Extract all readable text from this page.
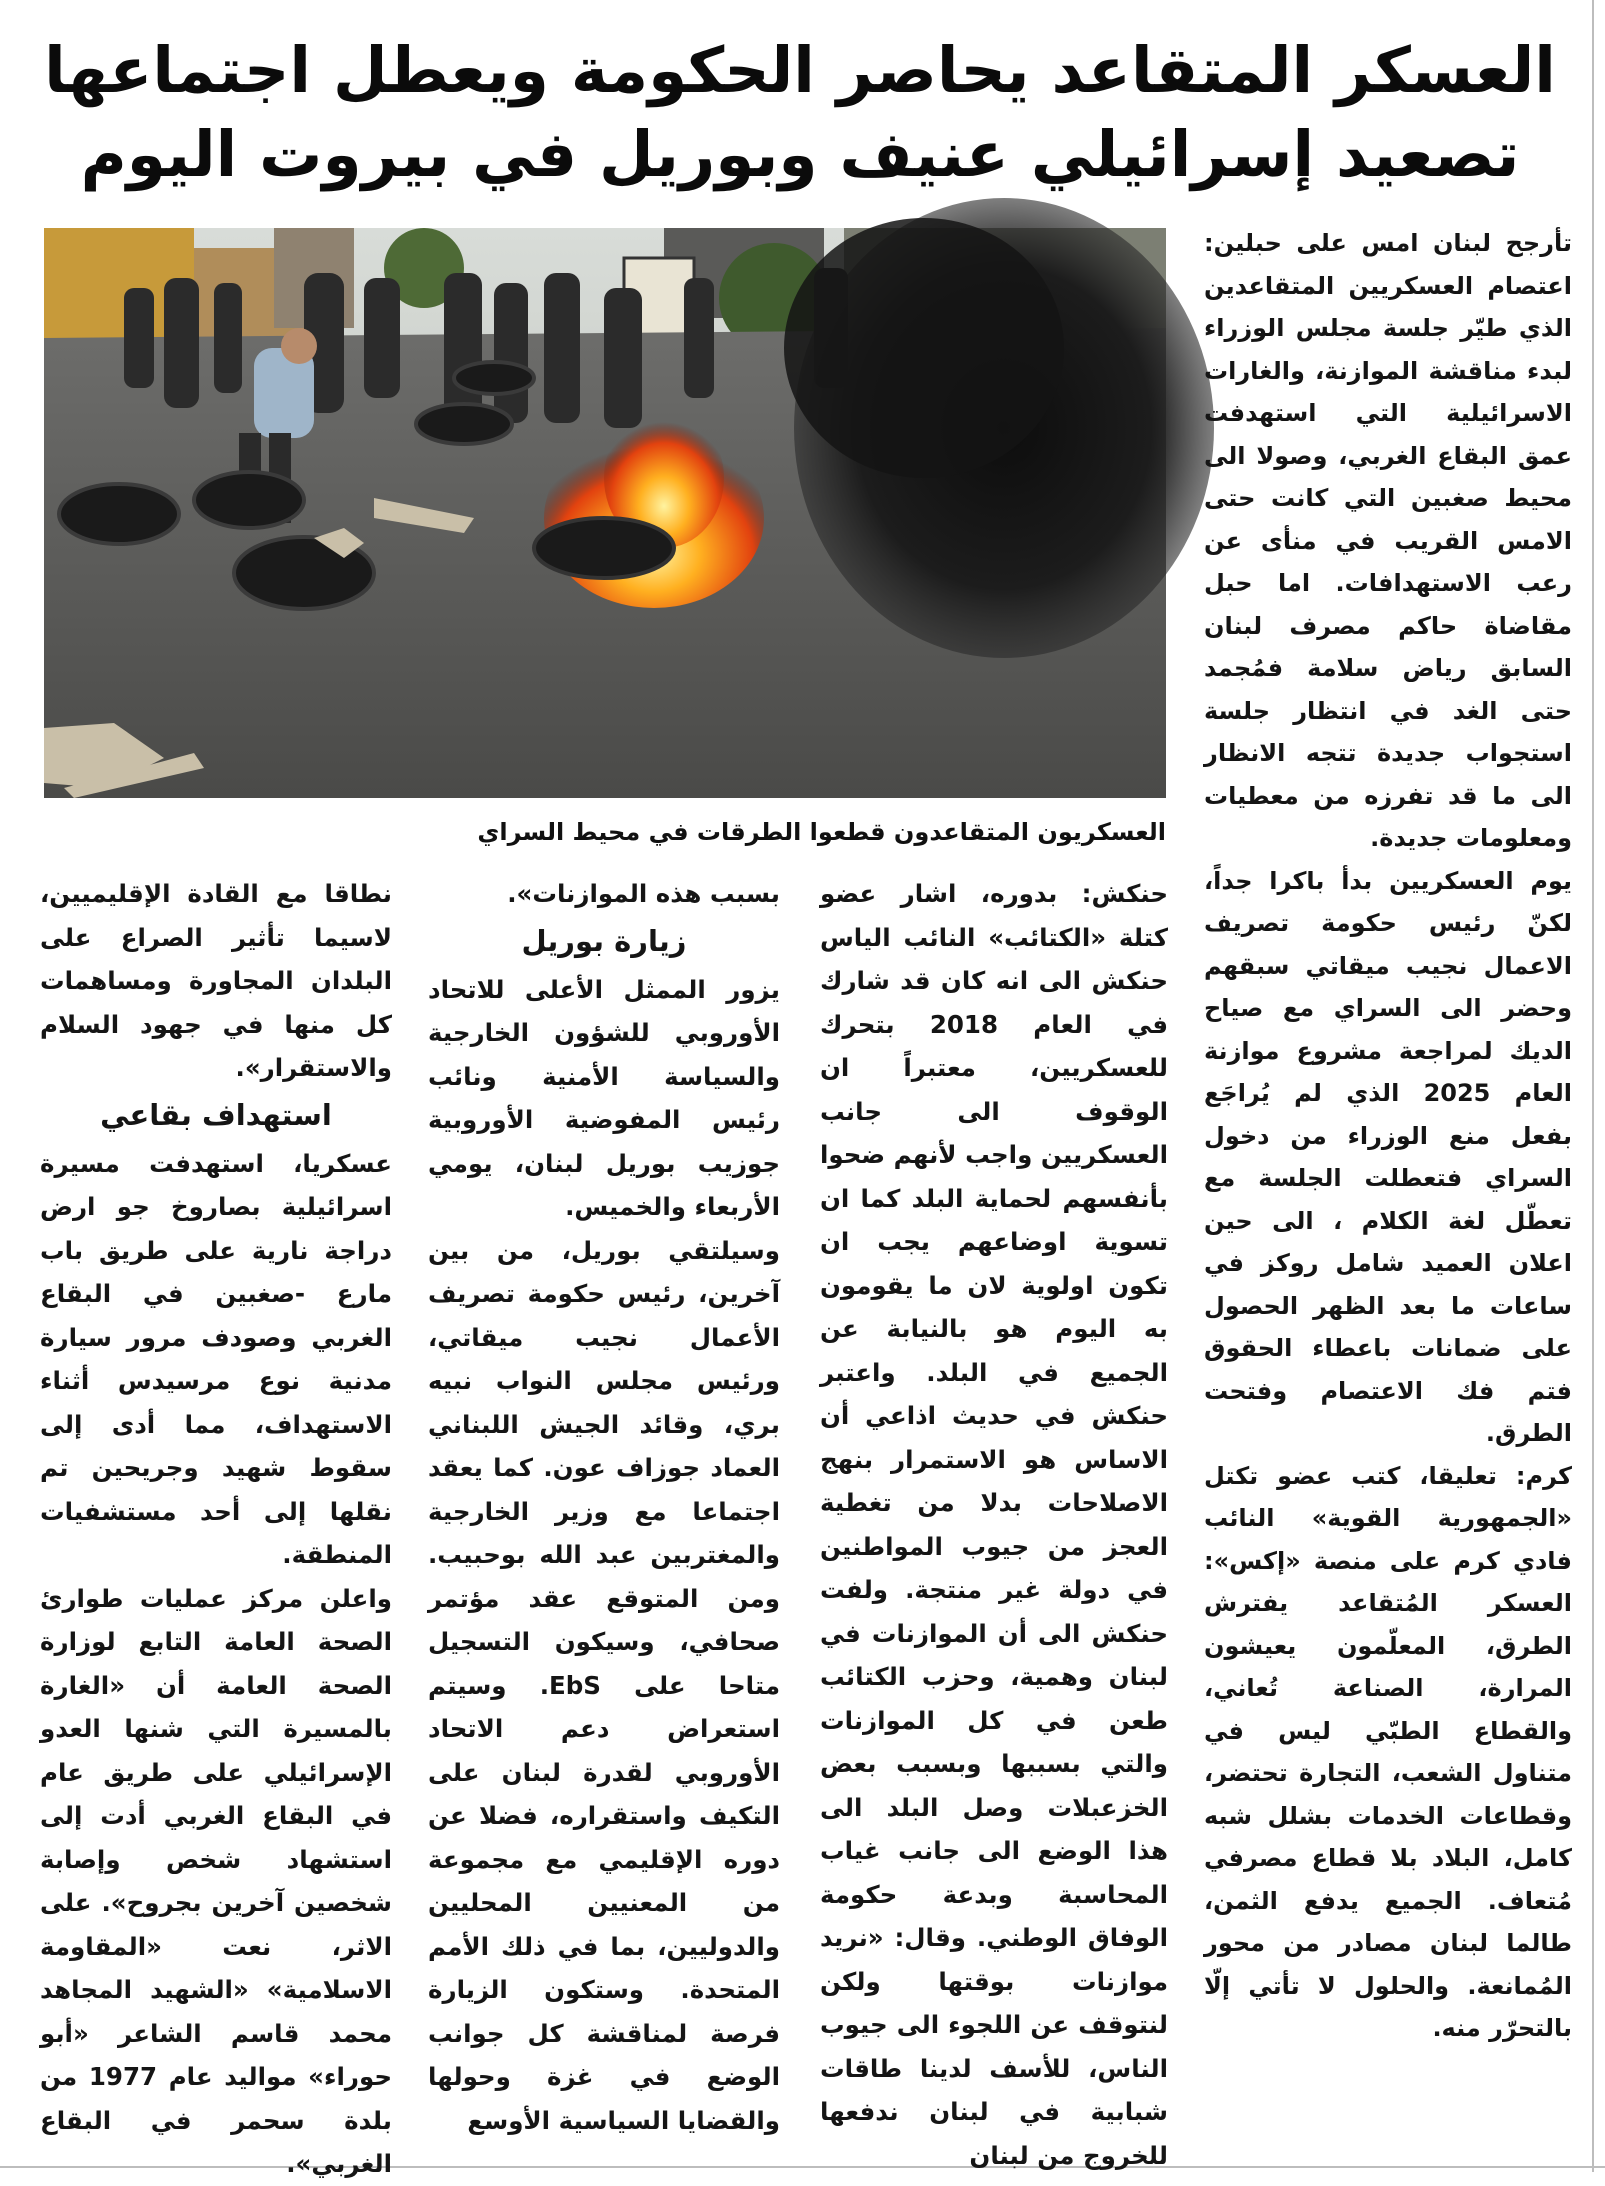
العسكر المتقاعد يحاصر الحكومة ويعطل اجتماعها
تصعيد إسرائيلي عنيف وبوريل في بيروت اليوم
العسكريون المتقاعدون قطعوا الطرقات في محيط السراي

تأرجح لبنان امس على حبلين: اعتصام العسكريين المتقاعدين الذي طيّر جلسة مجلس الوزراء لبدء مناقشة الموازنة، والغارات الاسرائيلية التي استهدفت عمق البقاع الغربي، وصولا الى محيط صغبين التي كانت حتى الامس القريب في منأى عن رعب الاستهدافات. اما حبل مقاضاة حاكم مصرف لبنان السابق رياض سلامة فمُجمد حتى الغد في انتظار جلسة استجواب جديدة تتجه الانظار الى ما قد تفرزه من معطيات ومعلومات جديدة.

يوم العسكريين بدأ باكرا جداً، لكنّ رئيس حكومة تصريف الاعمال نجيب ميقاتي سبقهم وحضر الى السراي مع صياح الديك لمراجعة مشروع موازنة العام 2025 الذي لم يُراجَع بفعل منع الوزراء من دخول السراي فتعطلت الجلسة مع تعطّل لغة الكلام ، الى حين اعلان العميد شامل روكز في ساعات ما بعد الظهر الحصول على ضمانات باعطاء الحقوق فتم فك الاعتصام وفتحت الطرق.

كرم: تعليقا، كتب عضو تكتل «الجمهورية القوية» النائب فادي كرم على منصة «إكس»: العسكر المُتقاعد يفترش الطرق، المعلّمون يعيشون المرارة، الصناعة تُعاني، والقطاع الطبّي ليس في متناول الشعب، التجارة تحتضر، وقطاعات الخدمات بشلل شبه كامل، البلاد بلا قطاع مصرفي مُتعاف. الجميع يدفع الثمن، طالما لبنان مصادر من محور المُمانعة. والحلول لا تأتي إلّا بالتحرّر منه.

حنكش: بدوره، اشار عضو كتلة «الكتائب» النائب الياس حنكش الى انه كان قد شارك في العام 2018 بتحرك للعسكريين، معتبراً ان الوقوف الى جانب العسكريين واجب لأنهم ضحوا بأنفسهم لحماية البلد كما ان تسوية اوضاعهم يجب ان تكون اولوية لان ما يقومون به اليوم هو بالنيابة عن الجميع في البلد. واعتبر حنكش في حديث اذاعي أن الاساس هو الاستمرار بنهج الاصلاحات بدلا من تغطية العجز من جيوب المواطنين في دولة غير منتجة. ولفت حنكش الى أن الموازنات في لبنان وهمية، وحزب الكتائب طعن في كل الموازنات والتي بسببها وبسبب بعض الخزعبلات وصل البلد الى هذا الوضع الى جانب غياب المحاسبة وبدعة حكومة الوفاق الوطني. وقال: «نريد موازنات بوقتها ولكن لنتوقف عن اللجوء الى جيوب الناس، للأسف لدينا طاقات شبابية في لبنان ندفعها للخروج من لبنان

بسبب هذه الموازنات».

زيارة بوريل

يزور الممثل الأعلى للاتحاد الأوروبي للشؤون الخارجية والسياسة الأمنية ونائب رئيس المفوضية الأوروبية جوزيب بوريل لبنان، يومي الأربعاء والخميس.

وسيلتقي بوريل، من بين آخرين، رئيس حكومة تصريف الأعمال نجيب ميقاتي، ورئيس مجلس النواب نبيه بري، وقائد الجيش اللبناني العماد جوزاف عون. كما يعقد اجتماعا مع وزير الخارجية والمغتربين عبد الله بوحبيب. ومن المتوقع عقد مؤتمر صحافي، وسيكون التسجيل متاحا على EbS. وسيتم استعراض دعم الاتحاد الأوروبي لقدرة لبنان على التكيف واستقراره، فضلا عن دوره الإقليمي مع مجموعة من المعنيين المحليين والدوليين، بما في ذلك الأمم المتحدة. وستكون الزيارة فرصة لمناقشة كل جوانب الوضع في غزة وحولها والقضايا السياسية الأوسع

نطاقا مع القادة الإقليميين، لاسيما تأثير الصراع على البلدان المجاورة ومساهمات كل منها في جهود السلام والاستقرار».

استهداف بقاعي

عسكريا، استهدفت مسيرة اسرائيلية بصاروخ جو ارض دراجة نارية على طريق باب مارع -صغبين في البقاع الغربي وصودف مرور سيارة مدنية نوع مرسيدس أثناء الاستهداف، مما أدى إلى سقوط شهيد وجريحين تم نقلها إلى أحد مستشفيات المنطقة.

واعلن مركز عمليات طوارئ الصحة العامة التابع لوزارة الصحة العامة أن «الغارة بالمسيرة التي شنها العدو الإسرائيلي على طريق عام في البقاع الغربي أدت إلى استشهاد شخص وإصابة شخصين آخرين بجروح». على الاثر، نعت «المقاومة الاسلامية» «الشهيد المجاهد محمد قاسم الشاعر «أبو حوراء» مواليد عام 1977 من بلدة سحمر في البقاع الغربي».
